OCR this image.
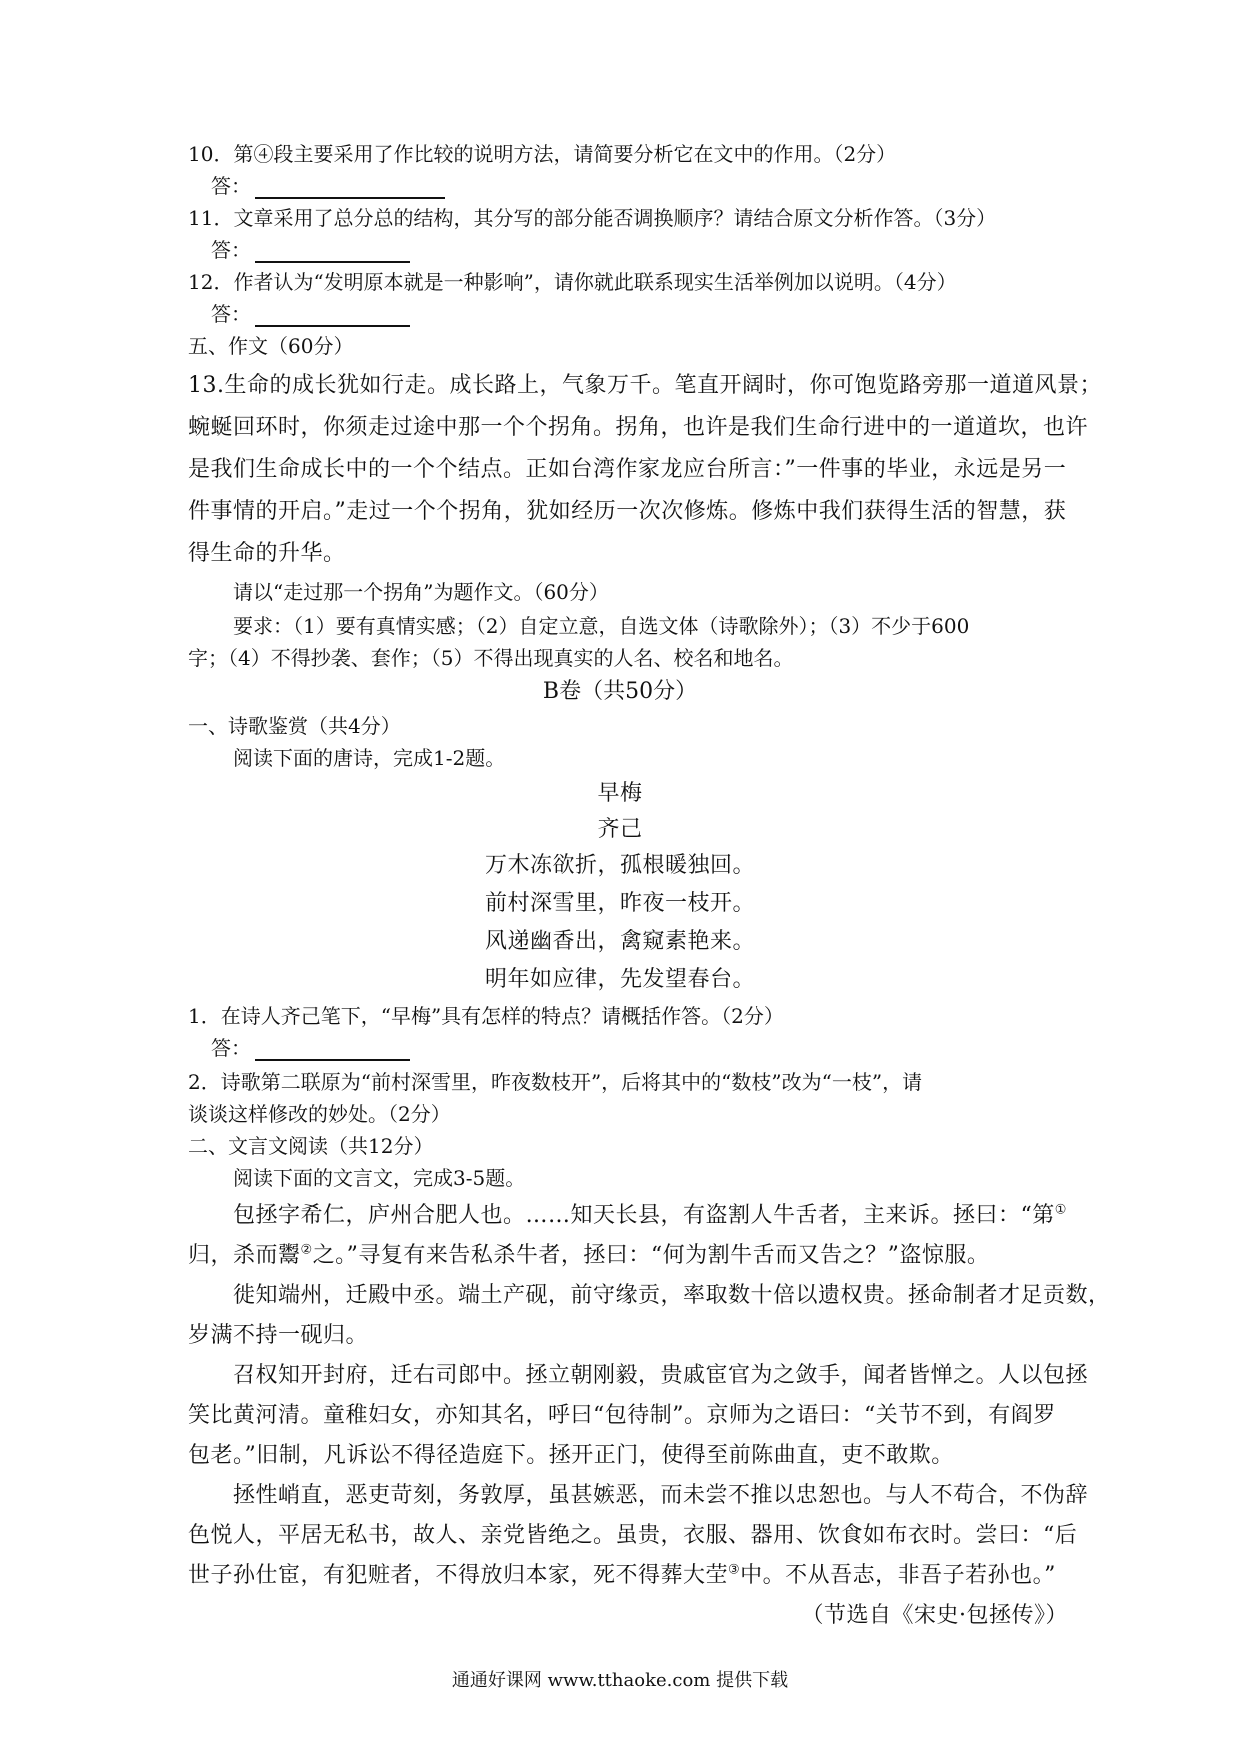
10．第④段主要采用了作比较的说明方法，请简要分析它在文中的作用。（2分）
答：
11．文章采用了总分总的结构，其分写的部分能否调换顺序？请结合原文分析作答。（3分）
答：
12．作者认为“发明原本就是一种影响”，请你就此联系现实生活举例加以说明。（4分）
答：
五、作文（60分）
13.生命的成长犹如行走。成长路上，气象万千。笔直开阔时，你可饱览路旁那一道道风景；
蜿蜒回环时，你须走过途中那一个个拐角。拐角，也许是我们生命行进中的一道道坎，也许
是我们生命成长中的一个个结点。正如台湾作家龙应台所言：”一件事的毕业，永远是另一
件事情的开启。”走过一个个拐角，犹如经历一次次修炼。修炼中我们获得生活的智慧，获
得生命的升华。
请以“走过那一个拐角”为题作文。（60分）
要求：（1）要有真情实感；（2）自定立意，自选文体（诗歌除外）；（3）不少于600
字；（4）不得抄袭、套作；（5）不得出现真实的人名、校名和地名。
B卷（共50分）
一、诗歌鉴赏（共4分）
阅读下面的唐诗，完成1-2题。
早梅
齐己
万木冻欲折，孤根暖独回。
前村深雪里，昨夜一枝开。
风递幽香出，禽窥素艳来。
明年如应律，先发望春台。
1．在诗人齐己笔下，“早梅”具有怎样的特点？请概括作答。（2分）
答：
2．诗歌第二联原为“前村深雪里，昨夜数枝开”，后将其中的“数枝”改为“一枝”，请
谈谈这样修改的妙处。（2分）
二、文言文阅读（共12分）
阅读下面的文言文，完成3-5题。
包拯字希仁，庐州合肥人也。……知天长县，有盗割人牛舌者，主来诉。拯曰：“第①
归，杀而鬻②之。”寻复有来告私杀牛者，拯曰：“何为割牛舌而又告之？”盗惊服。
徙知端州，迁殿中丞。端土产砚，前守缘贡，率取数十倍以遗权贵。拯命制者才足贡数，
岁满不持一砚归。
召权知开封府，迁右司郎中。拯立朝刚毅，贵戚宦官为之敛手，闻者皆惮之。人以包拯
笑比黄河清。童稚妇女，亦知其名，呼曰“包待制”。京师为之语曰：“关节不到，有阎罗
包老。”旧制，凡诉讼不得径造庭下。拯开正门，使得至前陈曲直，吏不敢欺。
拯性峭直，恶吏苛刻，务敦厚，虽甚嫉恶，而未尝不推以忠恕也。与人不苟合，不伪辞
色悦人，平居无私书，故人、亲党皆绝之。虽贵，衣服、器用、饮食如布衣时。尝曰：“后
世子孙仕宦，有犯赃者，不得放归本家，死不得葬大茔③中。不从吾志，非吾子若孙也。”
（节选自《宋史·包拯传》）
通通好课网 www.tthaoke.com 提供下载
